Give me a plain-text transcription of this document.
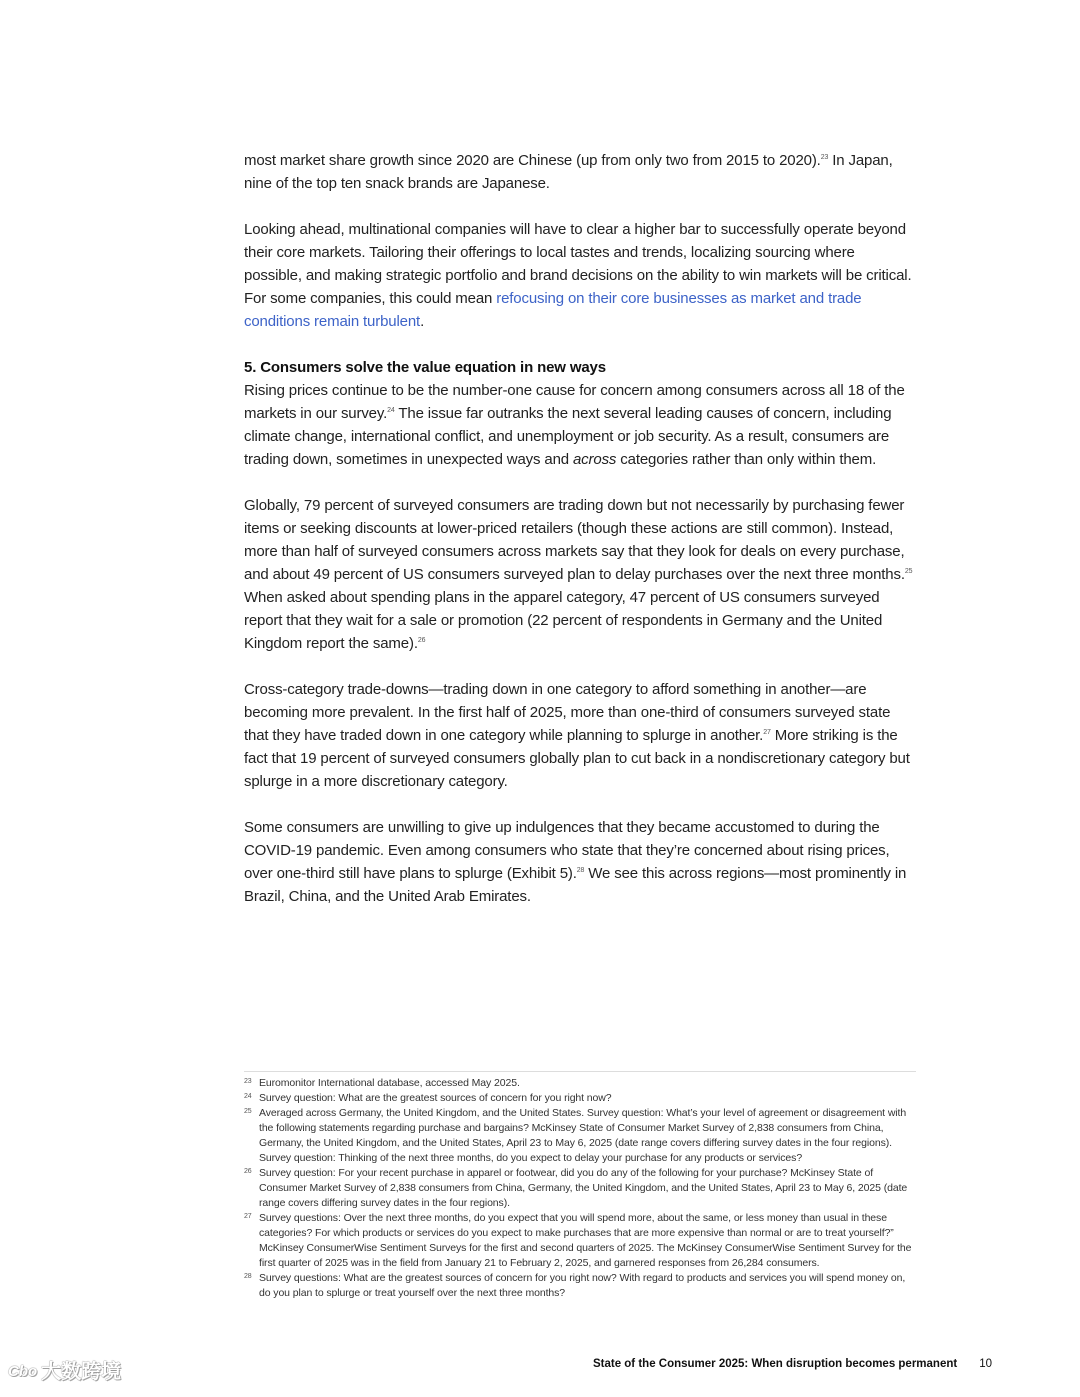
most market share growth since 2020 are Chinese (up from only two from 2015 to 2020).$^{23}$ In Japan, nine of the top ten snack brands are Japanese.

Looking ahead, multinational companies will have to clear a higher bar to successfully operate beyond their core markets. Tailoring their offerings to local tastes and trends, localizing sourcing where possible, and making strategic portfolio and brand decisions on the ability to win markets will be critical. For some companies, this could mean refocusing on their core businesses as market and trade conditions remain turbulent.

5. Consumers solve the value equation in new ways

Rising prices continue to be the number-one cause for concern among consumers across all 18 of the markets in our survey.$^{24}$ The issue far outranks the next several leading causes of concern, including climate change, international conflict, and unemployment or job security. As a result, consumers are trading down, sometimes in unexpected ways and across categories rather than only within them.

Globally, 79 percent of surveyed consumers are trading down but not necessarily by purchasing fewer items or seeking discounts at lower-priced retailers (though these actions are still common). Instead, more than half of surveyed consumers across markets say that they look for deals on every purchase, and about 49 percent of US consumers surveyed plan to delay purchases over the next three months.$^{25}$ When asked about spending plans in the apparel category, 47 percent of US consumers surveyed report that they wait for a sale or promotion (22 percent of respondents in Germany and the United Kingdom report the same).$^{26}$

Cross-category trade-downs—trading down in one category to afford something in another—are becoming more prevalent. In the first half of 2025, more than one-third of consumers surveyed state that they have traded down in one category while planning to splurge in another.$^{27}$ More striking is the fact that 19 percent of surveyed consumers globally plan to cut back in a nondiscretionary category but splurge in a more discretionary category.

Some consumers are unwilling to give up indulgences that they became accustomed to during the COVID-19 pandemic. Even among consumers who state that they’re concerned about rising prices, over one-third still have plans to splurge (Exhibit 5).$^{28}$ We see this across regions—most prominently in Brazil, China, and the United Arab Emirates.

23 Euromonitor International database, accessed May 2025.
24 Survey question: What are the greatest sources of concern for you right now?
25 Averaged across Germany, the United Kingdom, and the United States. Survey question: What’s your level of agreement or disagreement with the following statements regarding purchase and bargains? McKinsey State of Consumer Market Survey of 2,838 consumers from China, Germany, the United Kingdom, and the United States, April 23 to May 6, 2025 (date range covers differing survey dates in the four regions). Survey question: Thinking of the next three months, do you expect to delay your purchase for any products or services?
26 Survey question: For your recent purchase in apparel or footwear, did you do any of the following for your purchase? McKinsey State of Consumer Market Survey of 2,838 consumers from China, Germany, the United Kingdom, and the United States, April 23 to May 6, 2025 (date range covers differing survey dates in the four regions).
27 Survey questions: Over the next three months, do you expect that you will spend more, about the same, or less money than usual in these categories? For which products or services do you expect to make purchases that are more expensive than normal or are to treat yourself?” McKinsey ConsumerWise Sentiment Surveys for the first and second quarters of 2025. The McKinsey ConsumerWise Sentiment Survey for the first quarter of 2025 was in the field from January 21 to February 2, 2025, and garnered responses from 26,284 consumers.
28 Survey questions: What are the greatest sources of concern for you right now? With regard to products and services you will spend money on, do you plan to splurge or treat yourself over the next three months?
State of the Consumer 2025: When disruption becomes permanent 10
Cbo 大数跨境
